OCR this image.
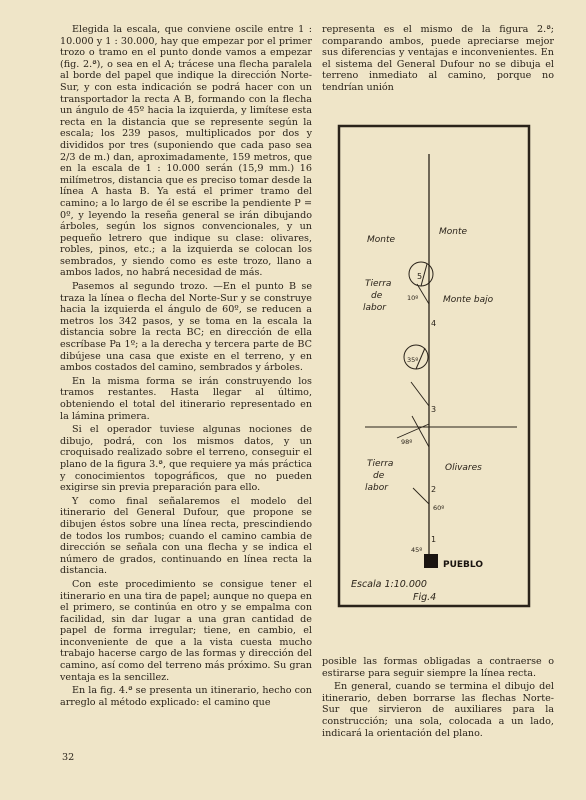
Elegida la escala, que conviene oscile entre 1 : 10.000 y 1 : 30.000, hay que empezar por el primer trozo o tramo en el punto donde vamos a empezar (fig. 2.ª), o sea en el A; trácese una flecha paralela al borde del papel que indique la dirección Norte-Sur, y con esta indicación se podrá hacer con un transportador la recta A B, formando con la flecha un ángulo de 45º hacia la izquierda, y limítese esta recta en la distancia que se represente según la escala; los 239 pasos, multiplicados por dos y divididos por tres (suponiendo que cada paso sea 2/3 de m.) dan, aproximadamente, 159 metros, que en la escala de 1 : 10.000 serán (15,9 mm.) 16 milímetros, distancia que es preciso tomar desde la línea A hasta B. Ya está el primer tramo del camino; a lo largo de él se escribe la pendiente P = 0º, y leyendo la reseña general se irán dibujando árboles, según los signos convencionales, y un pequeño letrero que indique su clase: olivares, robles, pinos, etc.; a la izquierda se colocan los sembrados, y siendo como es este trozo, llano a ambos lados, no habrá necesidad de más.

Pasemos al segundo trozo. —En el punto B se traza la línea o flecha del Norte-Sur y se construye hacia la izquierda el ángulo de 60º, se reducen a metros los 342 pasos, y se toma en la escala la distancia sobre la recta BC; en dirección de ella escríbase Pa 1º; a la derecha y tercera parte de BC dibújese una casa que existe en el terreno, y en ambos costados del camino, sembrados y árboles.

En la misma forma se irán construyendo los tramos restantes. Hasta llegar al último, obteniendo el total del itinerario representado en la lámina primera.

Si el operador tuviese algunas nociones de dibujo, podrá, con los mismos datos, y un croquisado realizado sobre el terreno, conseguir el plano de la figura 3.ª, que requiere ya más práctica y conocimientos topográficos, que no pueden exigirse sin previa preparación para ello.

Y como final señalaremos el modelo del itinerario del General Dufour, que propone se dibujen éstos sobre una línea recta, prescindiendo de todos los rumbos; cuando el camino cambia de dirección se señala con una flecha y se indica el número de grados, continuando en línea recta la distancia.

Con este procedimiento se consigue tener el itinerario en una tira de papel; aunque no quepa en el primero, se continúa en otro y se empalma con facilidad, sin dar lugar a una gran cantidad de papel de forma irregular; tiene, en cambio, el inconveniente de que a la vista cuesta mucho trabajo hacerse cargo de las formas y dirección del camino, así como del terreno más próximo. Su gran ventaja es la sencillez.

En la fig. 4.ª se presenta un itinerario, hecho con arreglo al método explicado: el camino que

representa es el mismo de la figura 2.ª; comparando ambos, puede apreciarse mejor sus diferencias y ventajas e inconvenientes. En el sistema del General Dufour no se dibuja el terreno inmediato al camino, porque no tendrían unión

Monte
Monte
Tierra
de
labor
Monte bajo
Tierra
de
labor
Olivares
PUEBLO
Escala 1:10.000
Fig.4
1
2
3
4
5
45º
60º
98º
35º
10º

posible las formas obligadas a contraerse o estirarse para seguir siempre la línea recta.

En general, cuando se termina el dibujo del itinerario, deben borrarse las flechas Norte-Sur que sirvieron de auxiliares para la construcción; una sola, colocada a un lado, indicará la orientación del plano.

32
